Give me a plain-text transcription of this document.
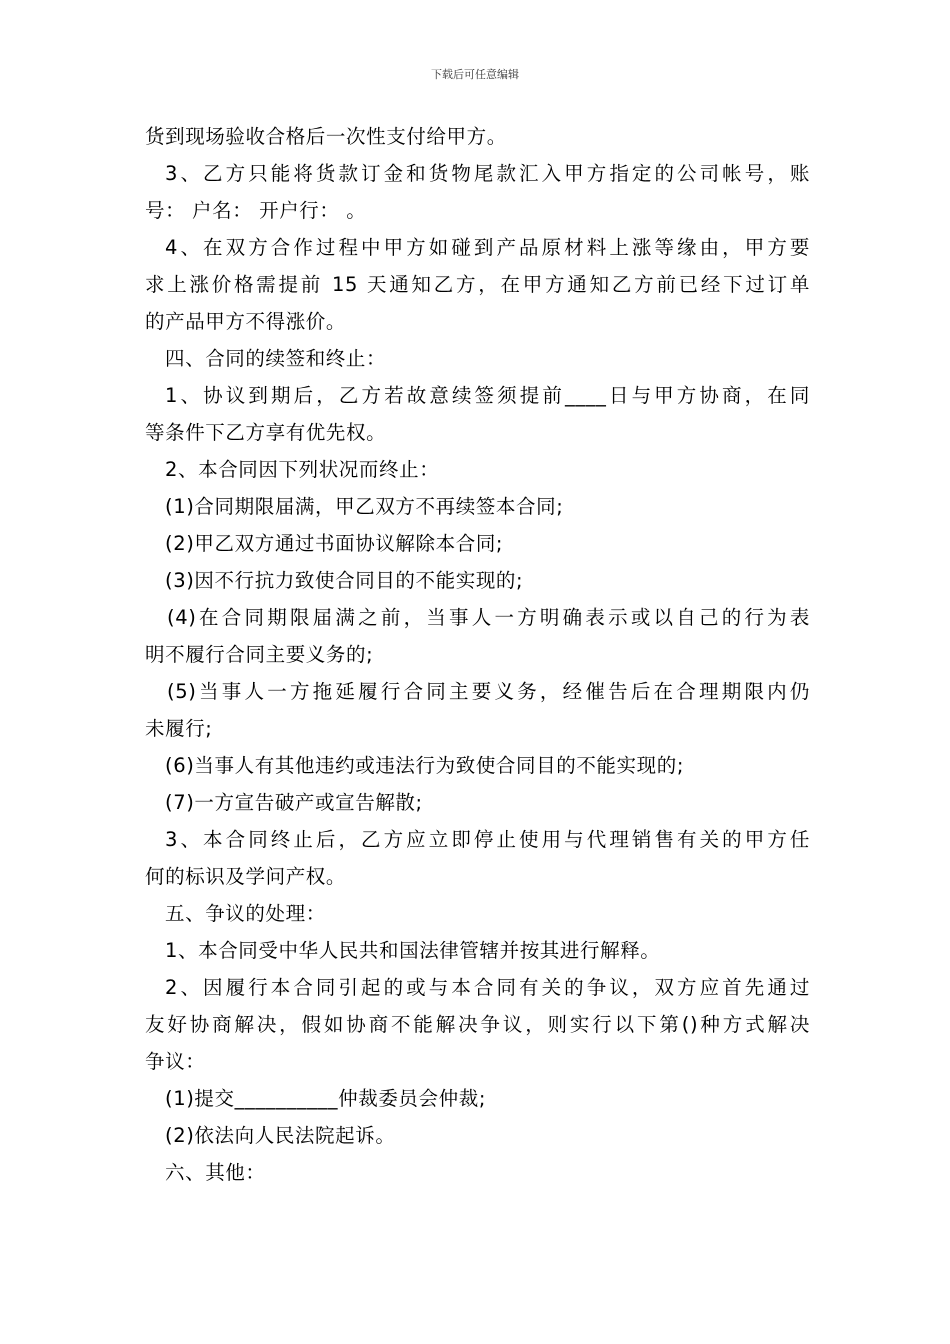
下载后可任意编辑
货到现场验收合格后一次性支付给甲方。
3、乙方只能将货款订金和货物尾款汇入甲方指定的公司帐号，账
号： 户名： 开户行： 。
4、在双方合作过程中甲方如碰到产品原材料上涨等缘由，甲方要
求上涨价格需提前 15 天通知乙方，在甲方通知乙方前已经下过订单
的产品甲方不得涨价。
四、合同的续签和终止：
1、协议到期后，乙方若故意续签须提前____日与甲方协商，在同
等条件下乙方享有优先权。
2、本合同因下列状况而终止：
(1)合同期限届满，甲乙双方不再续签本合同;
(2)甲乙双方通过书面协议解除本合同;
(3)因不行抗力致使合同目的不能实现的;
(4)在合同期限届满之前，当事人一方明确表示或以自己的行为表
明不履行合同主要义务的;
(5)当事人一方拖延履行合同主要义务，经催告后在合理期限内仍
未履行;
(6)当事人有其他违约或违法行为致使合同目的不能实现的;
(7)一方宣告破产或宣告解散;
3、本合同终止后，乙方应立即停止使用与代理销售有关的甲方任
何的标识及学问产权。
五、争议的处理：
1、本合同受中华人民共和国法律管辖并按其进行解释。
2、因履行本合同引起的或与本合同有关的争议，双方应首先通过
友好协商解决，假如协商不能解决争议，则实行以下第()种方式解决
争议：
(1)提交__________仲裁委员会仲裁;
(2)依法向人民法院起诉。
六、其他：
